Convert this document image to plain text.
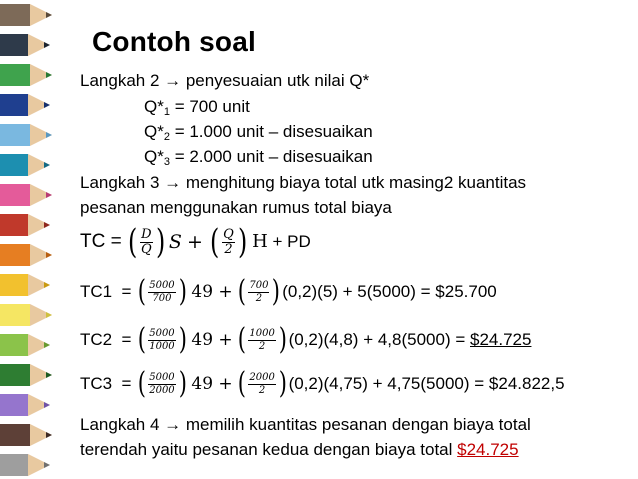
Contoh soal
Langkah 2 → penyesuaian utk nilai Q*
$Q*_1 = 700$ unit
$Q*_2 = 1.000$ unit – disesuaikan
$Q*_3 = 2.000$ unit – disesuaikan
Langkah 3 → menghitung biaya total utk masing2 kuantitas
pesanan menggunakan rumus total biaya
TC = ( $\frac{D}{Q}$ ) S + ( $\frac{Q}{2}$ ) H + PD
TC1  = ( $\frac{5000}{700}$ ) 49 + ( $\frac{700}{2}$ ) (0,2)(5) + 5(5000) = $25.700
TC2  = ( $\frac{5000}{1000}$ ) 49 + ( $\frac{1000}{2}$ ) (0,2)(4,8) + 4,8(5000) = $24.725
TC3  = ( $\frac{5000}{2000}$ ) 49 + ( $\frac{2000}{2}$ ) (0,2)(4,75) + 4,75(5000) = $24.822,5
Langkah 4 → memilih kuantitas pesanan dengan biaya total
terendah yaitu pesanan kedua dengan biaya total $24.725
